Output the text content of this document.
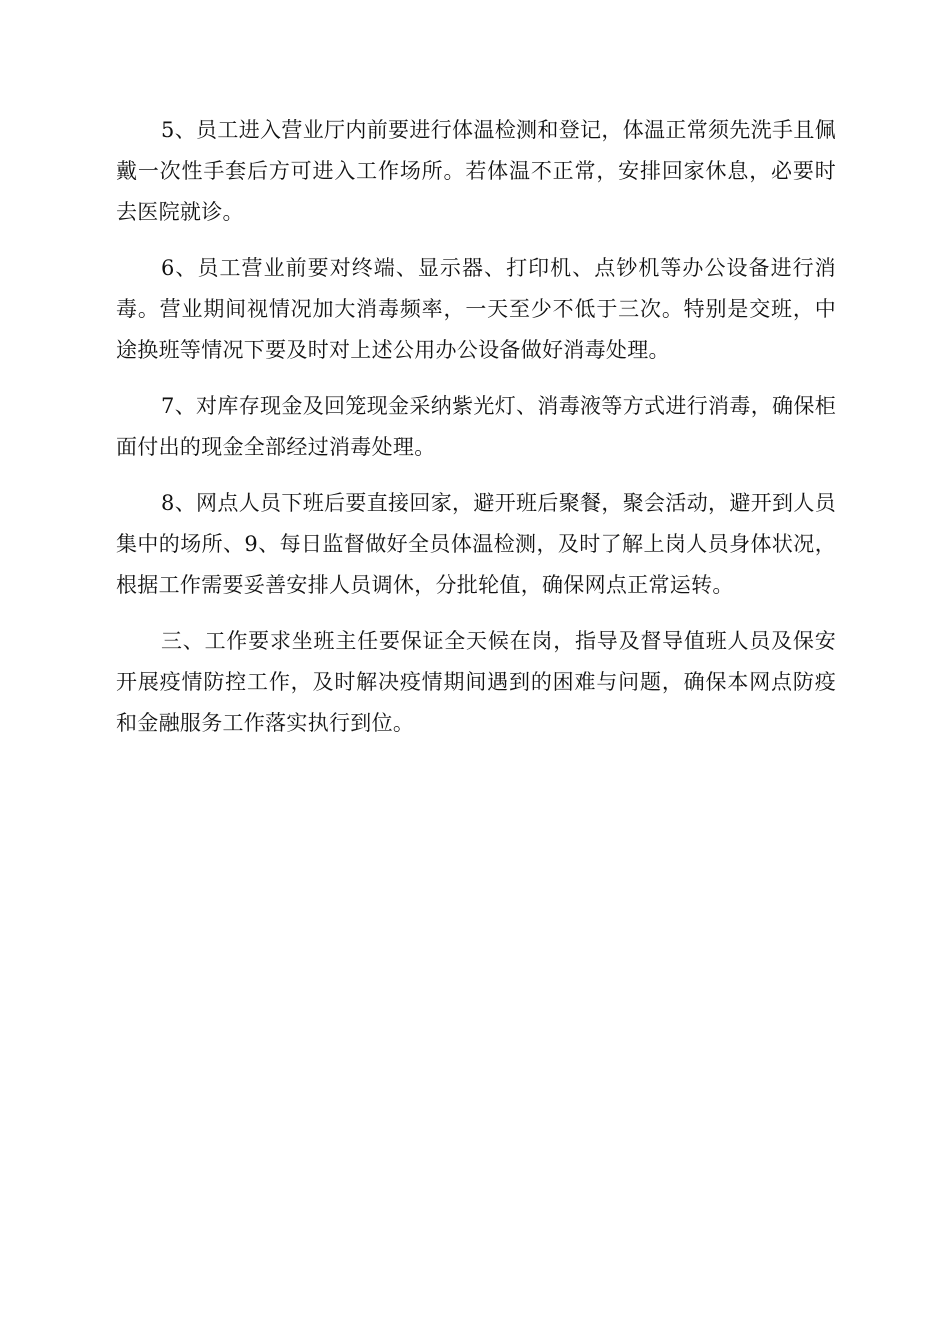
5、员工进入营业厅内前要进行体温检测和登记，体温正常须先洗手且佩戴一次性手套后方可进入工作场所。若体温不正常，安排回家休息，必要时去医院就诊。

6、员工营业前要对终端、显示器、打印机、点钞机等办公设备进行消毒。营业期间视情况加大消毒频率，一天至少不低于三次。特别是交班，中途换班等情况下要及时对上述公用办公设备做好消毒处理。

7、对库存现金及回笼现金采纳紫光灯、消毒液等方式进行消毒，确保柜面付出的现金全部经过消毒处理。

8、网点人员下班后要直接回家，避开班后聚餐，聚会活动，避开到人员集中的场所、9、每日监督做好全员体温检测，及时了解上岗人员身体状况，根据工作需要妥善安排人员调休，分批轮值，确保网点正常运转。

三、工作要求坐班主任要保证全天候在岗，指导及督导值班人员及保安开展疫情防控工作，及时解决疫情期间遇到的困难与问题，确保本网点防疫和金融服务工作落实执行到位。
